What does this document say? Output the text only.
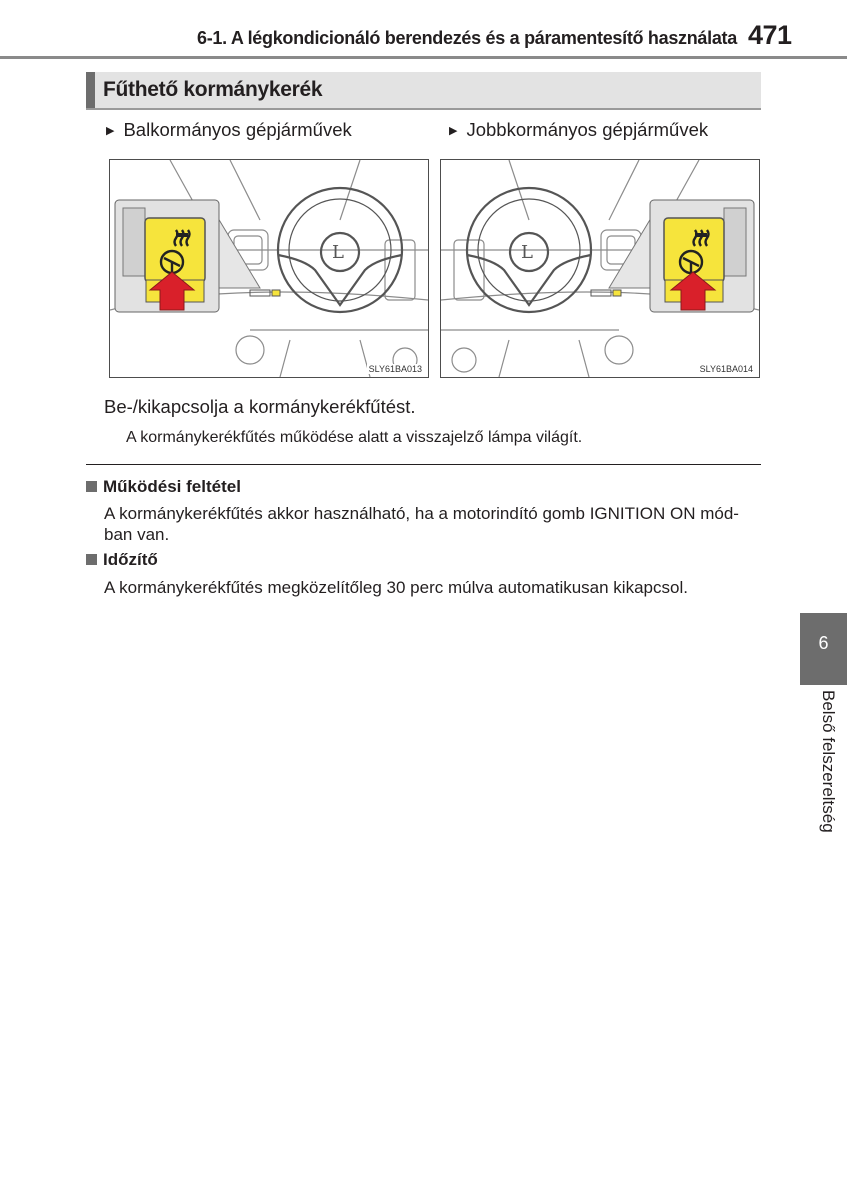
6-1. A légkondicionáló berendezés és a páramentesítő használata 471
Fűthető kormánykerék
▶ Balkormányos gépjárművek	▶ Jobbkormányos gépjárművek
L
SLY61BA013
L
SLY61BA014
Be-/kikapcsolja a kormánykerékfűtést.
A kormánykerékfűtés működése alatt a visszajelző lámpa világít.
Működési feltétel
A kormánykerékfűtés akkor használható, ha a motorindító gomb IGNITION ON mód-ban van.
Időzítő
A kormánykerékfűtés megközelítőleg 30 perc múlva automatikusan kikapcsol.
6
Belső felszereltség
